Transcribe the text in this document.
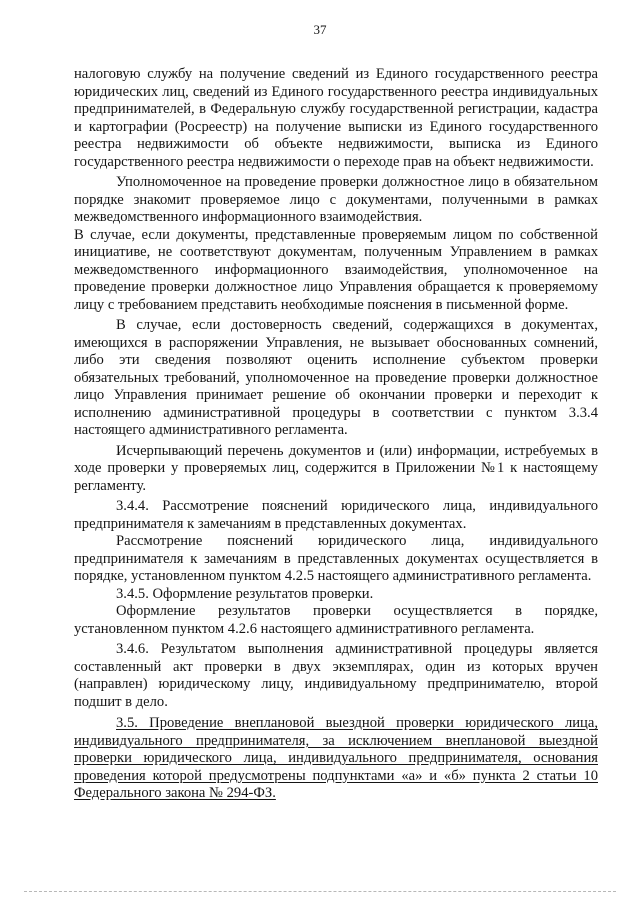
37

налоговую службу на получение сведений из Единого государственного реестра юридических лиц, сведений из Единого государственного реестра индивидуальных предпринимателей, в Федеральную службу государственной регистрации, кадастра и картографии (Росреестр) на получение выписки из Единого государственного реестра недвижимости об объекте недвижимости, выписка из Единого государственного реестра недвижимости о переходе прав на объект недвижимости.

Уполномоченное на проведение проверки должностное лицо в обязательном порядке знакомит проверяемое лицо с документами, полученными в рамках межведомственного информационного взаимодействия.

В случае, если документы, представленные проверяемым лицом по собственной инициативе, не соответствуют документам, полученным Управлением в рамках межведомственного информационного взаимодействия, уполномоченное на проведение проверки должностное лицо Управления обращается к проверяемому лицу с требованием представить необходимые пояснения в письменной форме.

В случае, если достоверность сведений, содержащихся в документах, имеющихся в распоряжении Управления, не вызывает обоснованных сомнений, либо эти сведения позволяют оценить исполнение субъектом проверки обязательных требований, уполномоченное на проведение проверки должностное лицо Управления принимает решение об окончании проверки и переходит к исполнению административной процедуры в соответствии с пунктом 3.3.4 настоящего административного регламента.

Исчерпывающий перечень документов и (или) информации, истребуемых в ходе проверки у проверяемых лиц, содержится в Приложении №1 к настоящему регламенту.

3.4.4. Рассмотрение пояснений юридического лица, индивидуального предпринимателя к замечаниям в представленных документах.

Рассмотрение пояснений юридического лица, индивидуального предпринимателя к замечаниям в представленных документах осуществляется в порядке, установленном пунктом 4.2.5 настоящего административного регламента.

3.4.5. Оформление результатов проверки.

Оформление результатов проверки осуществляется в порядке, установленном пунктом 4.2.6 настоящего административного регламента.

3.4.6. Результатом выполнения административной процедуры является составленный акт проверки в двух экземплярах, один из которых вручен (направлен) юридическому лицу, индивидуальному предпринимателю, второй подшит в дело.

3.5. Проведение внеплановой выездной проверки юридического лица, индивидуального предпринимателя, за исключением внеплановой выездной проверки юридического лица, индивидуального предпринимателя, основания проведения которой предусмотрены подпунктами «а» и «б» пункта 2 статьи 10 Федерального закона № 294-ФЗ.
